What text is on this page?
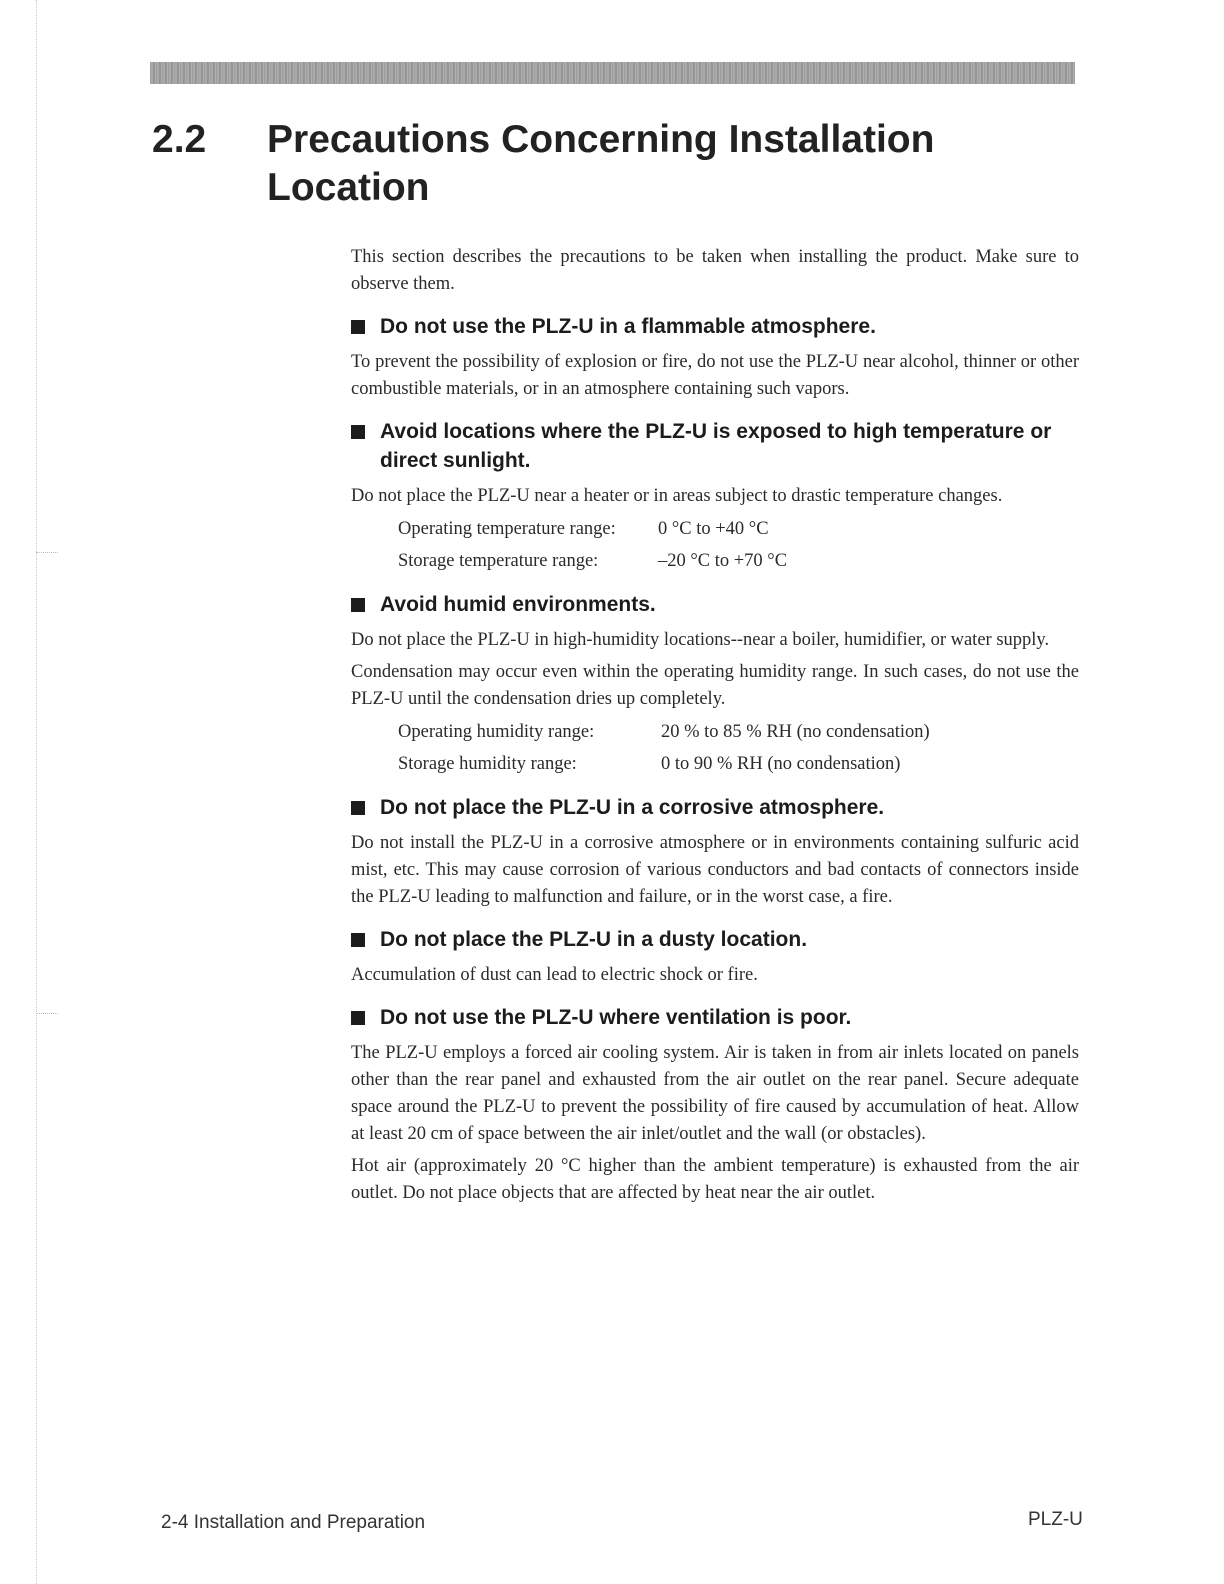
2.2 Precautions Concerning Installation Location

This section describes the precautions to be taken when installing the product. Make sure to observe them.

Do not use the PLZ-U in a flammable atmosphere.

To prevent the possibility of explosion or fire, do not use the PLZ-U near alcohol, thinner or other combustible materials, or in an atmosphere containing such vapors.

Avoid locations where the PLZ-U is exposed to high temperature or direct sunlight.

Do not place the PLZ-U near a heater or in areas subject to drastic temperature changes.

Operating temperature range:	0 °C to +40 °C
Storage temperature range:	–20 °C to +70 °C
Avoid humid environments.

Do not place the PLZ-U in high-humidity locations--near a boiler, humidifier, or water supply.

Condensation may occur even within the operating humidity range. In such cases, do not use the PLZ-U until the condensation dries up completely.

Operating humidity range:	20 % to 85 % RH (no condensation)
Storage humidity range:	0 to 90 % RH (no condensation)
Do not place the PLZ-U in a corrosive atmosphere.

Do not install the PLZ-U in a corrosive atmosphere or in environments containing sulfuric acid mist, etc. This may cause corrosion of various conductors and bad contacts of connectors inside the PLZ-U leading to malfunction and failure, or in the worst case, a fire.

Do not place the PLZ-U in a dusty location.

Accumulation of dust can lead to electric shock or fire.

Do not use the PLZ-U where ventilation is poor.

The PLZ-U employs a forced air cooling system. Air is taken in from air inlets located on panels other than the rear panel and exhausted from the air outlet on the rear panel. Secure adequate space around the PLZ-U to prevent the possibility of fire caused by accumulation of heat. Allow at least 20 cm of space between the air inlet/outlet and the wall (or obstacles).

Hot air (approximately 20 °C higher than the ambient temperature) is exhausted from the air outlet. Do not place objects that are affected by heat near the air outlet.

2-4 Installation and Preparation	PLZ-U
